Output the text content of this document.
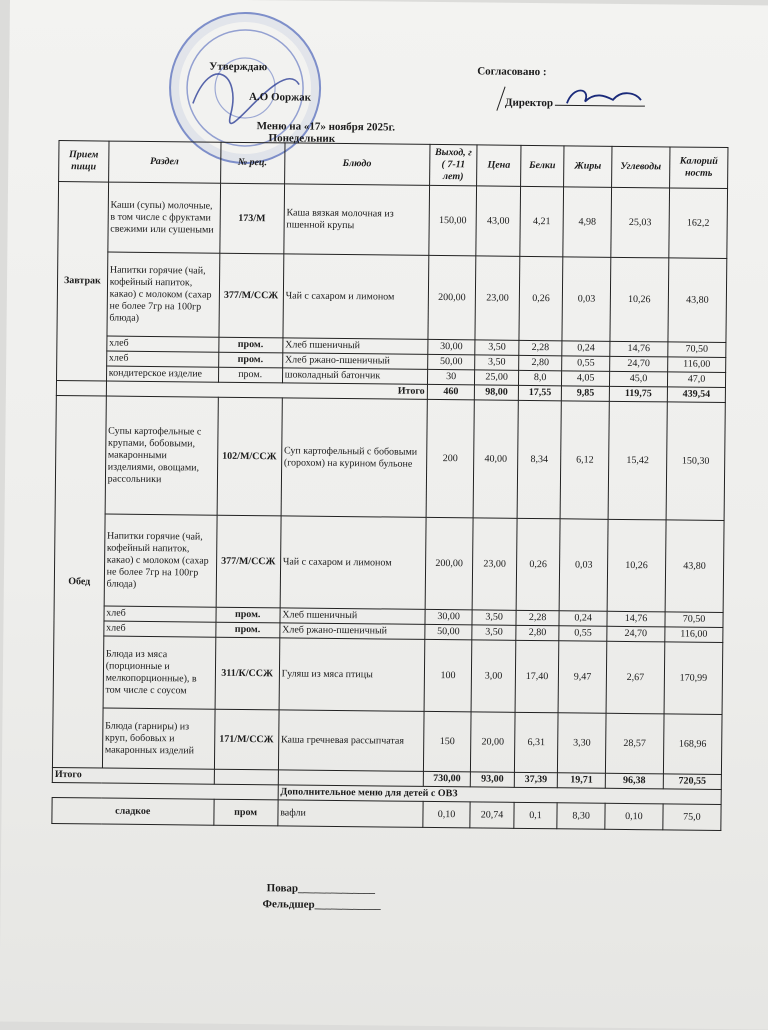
Утверждаю
А.О Ооржак
Согласовано :
Директор
Меню на «17» ноября 2025г.
Понедельник
Прием пищи	Раздел	№ рец.	Блюдо	Выход, г ( 7-11 лет)	Цена	Белки	Жиры	Углеводы	Калорий ность
Завтрак	Каши (супы) молочные, в том числе с фруктами свежими или сушеными	173/М	Каша вязкая молочная из пшенной крупы	150,00	43,00	4,21	4,98	25,03	162,2
	Напитки горячие (чай, кофейный напиток, какао) с молоком (сахар не более 7гр на 100гр блюда)	377/М/ССЖ	Чай с сахаром и лимоном	200,00	23,00	0,26	0,03	10,26	43,80
	хлеб	пром.	Хлеб пшеничный	30,00	3,50	2,28	0,24	14,76	70,50
	хлеб	пром.	Хлеб ржано-пшеничный	50,00	3,50	2,80	0,55	24,70	116,00
	кондитерское изделие	пром.	шоколадный батончик	30	25,00	8,0	4,05	45,0	47,0
	Итого			460	98,00	17,55	9,85	119,75	439,54
Обед	Супы картофельные с крупами, бобовыми, макаронными изделиями, овощами, рассольники	102/М/ССЖ	Суп картофельный с бобовыми (горохом) на курином бульоне	200	40,00	8,34	6,12	15,42	150,30
	Напитки горячие (чай, кофейный напиток, какао) с молоком (сахар не более 7гр на 100гр блюда)	377/М/ССЖ	Чай с сахаром и лимоном	200,00	23,00	0,26	0,03	10,26	43,80
	хлеб	пром.	Хлеб пшеничный	30,00	3,50	2,28	0,24	14,76	70,50
	хлеб	пром.	Хлеб ржано-пшеничный	50,00	3,50	2,80	0,55	24,70	116,00
	Блюда из мяса (порционные и мелкопорционные), в том числе с соусом	311/К/ССЖ	Гуляш из мяса птицы	100	3,00	17,40	9,47	2,67	170,99
	Блюда (гарниры) из круп, бобовых и макаронных изделий	171/М/ССЖ	Каша гречневая рассыпчатая	150	20,00	6,31	3,30	28,57	168,96
Итого				730,00	93,00	37,39	19,71	96,38	720,55
			Дополнительное меню для детей с ОВЗ						
сладкое		пром	вафли	0,10	20,74	0,1	8,30	0,10	75,0
Повар______________
Фельдшер____________
